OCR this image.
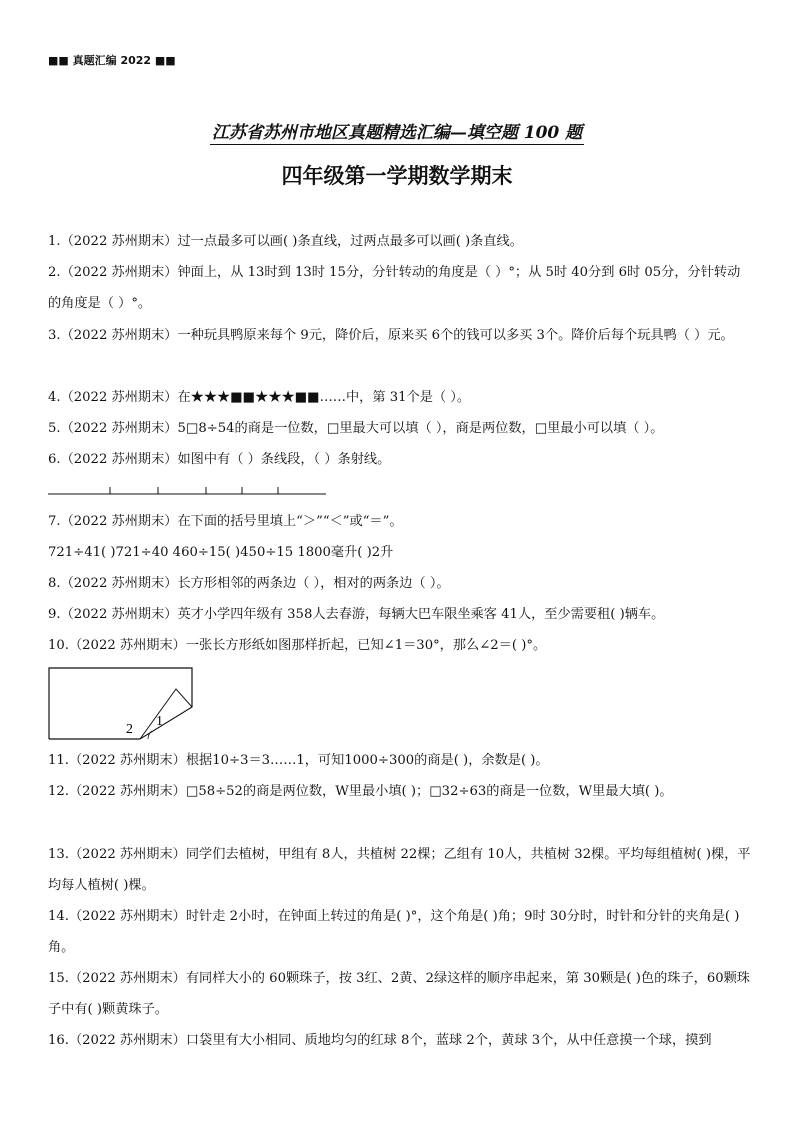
■■ 真题汇编 2022 ■■
江苏省苏州市地区真题精选汇编—填空题 100 题
四年级第一学期数学期末
1.（2022 苏州期末）过一点最多可以画( )条直线，过两点最多可以画( )条直线。
2.（2022 苏州期末）钟面上，从 13时到 13时 15分，分针转动的角度是（ ）°；从 5时 40分到 6时 05分，分针转动的角度是（ ）°。
3.（2022 苏州期末）一种玩具鸭原来每个 9元，降价后，原来买 6个的钱可以多买 3个。降价后每个玩具鸭（ ）元。
4.（2022 苏州期末）在★★★■■★★★■■……中，第 31个是（ ）。
5.（2022 苏州期末）5□8÷54的商是一位数，□里最大可以填（ ），商是两位数，□里最小可以填（ ）。
6.（2022 苏州期末）如图中有（ ）条线段，（ ）条射线。
7.（2022 苏州期末）在下面的括号里填上“＞”“＜”或“＝”。
721÷41( )721÷40 460÷15( )450÷15 1800毫升( )2升
8.（2022 苏州期末）长方形相邻的两条边（ ），相对的两条边（ ）。
9.（2022 苏州期末）英才小学四年级有 358人去春游，每辆大巴车限坐乘客 41人，至少需要租( )辆车。
10.（2022 苏州期末）一张长方形纸如图那样折起，已知∠1＝30°，那么∠2＝( )°。
2
1
11.（2022 苏州期末）根据10÷3＝3……1，可知1000÷300的商是( )，余数是( )。
12.（2022 苏州期末）□58÷52的商是两位数，W里最小填( )；□32÷63的商是一位数，W里最大填( )。
13.（2022 苏州期末）同学们去植树，甲组有 8人，共植树 22棵；乙组有 10人，共植树 32棵。平均每组植树( )棵，平均每人植树( )棵。
14.（2022 苏州期末）时针走 2小时，在钟面上转过的角是( )°，这个角是( )角；9时 30分时，时针和分针的夹角是( )角。
15.（2022 苏州期末）有同样大小的 60颗珠子，按 3红、2黄、2绿这样的顺序串起来，第 30颗是( )色的珠子，60颗珠子中有( )颗黄珠子。
16.（2022 苏州期末）口袋里有大小相同、质地均匀的红球 8个，蓝球 2个，黄球 3个，从中任意摸一个球，摸到
